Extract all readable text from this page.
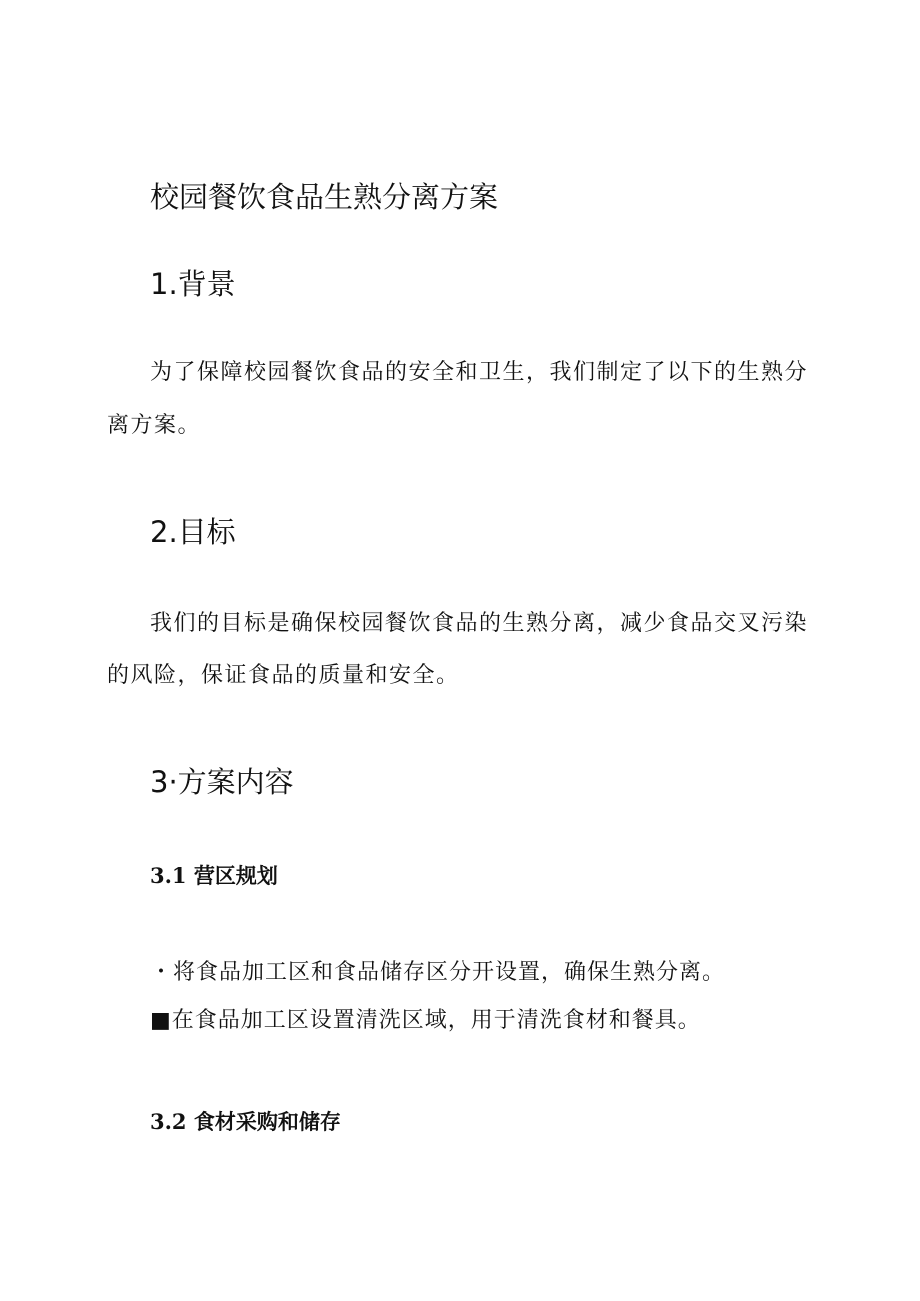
校园餐饮食品生熟分离方案
1.背景

为了保障校园餐饮食品的安全和卫生，我们制定了以下的生熟分

离方案。

2.目标

我们的目标是确保校园餐饮食品的生熟分离，减少食品交叉污染

的风险，保证食品的质量和安全。

3·方案内容
3.1 营区规划

・将食品加工区和食品储存区分开设置，确保生熟分离。

■在食品加工区设置清洗区域，用于清洗食材和餐具。

3.2 食材采购和储存
